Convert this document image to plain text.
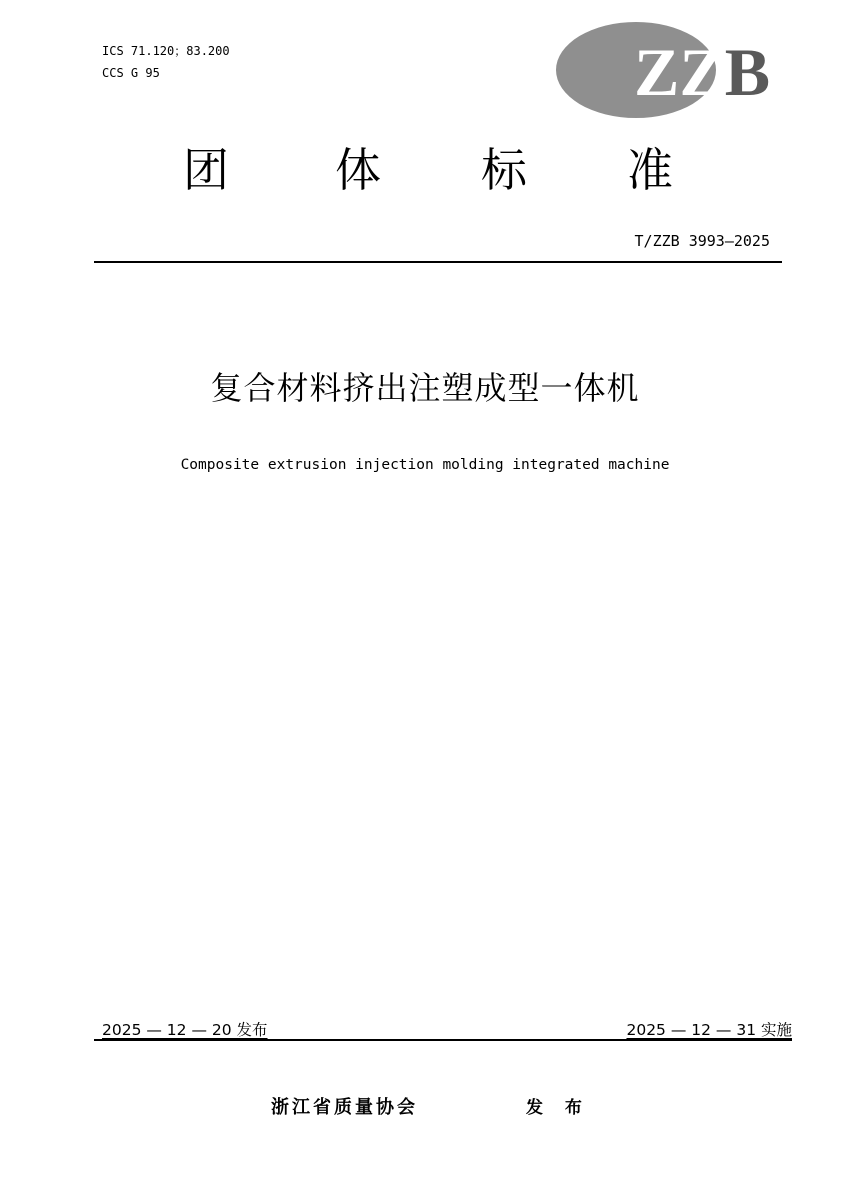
ICS 71.120；83.200
CCS G 95	ZZB
团 体 标 准
T/ZZB 3993—2025
复合材料挤出注塑成型一体机
Composite extrusion injection molding integrated machine
2025 — 12 — 20 发布	2025 — 12 — 31 实施
浙江省质量协会	发 布
